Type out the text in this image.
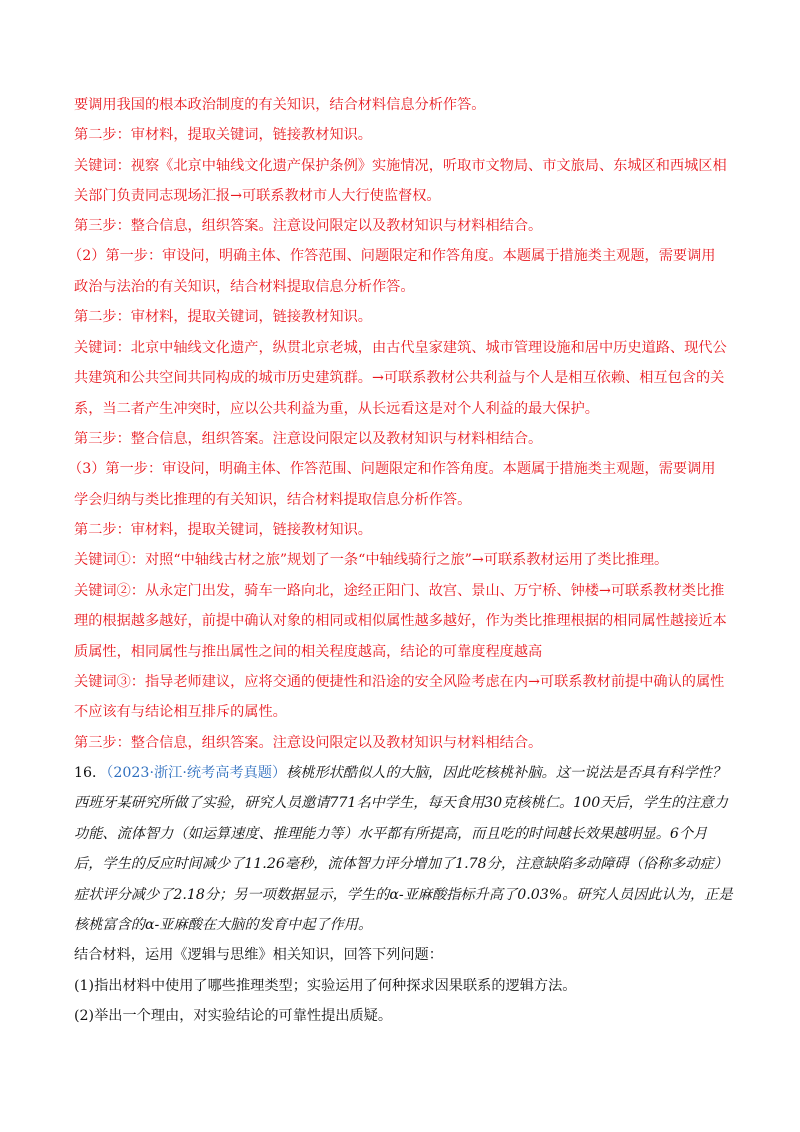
要调用我国的根本政治制度的有关知识，结合材料信息分析作答。
第二步：审材料，提取关键词，链接教材知识。
关键词：视察《北京中轴线文化遗产保护条例》实施情况，听取市文物局、市文旅局、东城区和西城区相
关部门负责同志现场汇报→可联系教材市人大行使监督权。
第三步：整合信息，组织答案。注意设问限定以及教材知识与材料相结合。
（2）第一步：审设问，明确主体、作答范围、问题限定和作答角度。本题属于措施类主观题，需要调用
政治与法治的有关知识，结合材料提取信息分析作答。
第二步：审材料，提取关键词，链接教材知识。
关键词：北京中轴线文化遗产，纵贯北京老城，由古代皇家建筑、城市管理设施和居中历史道路、现代公
共建筑和公共空间共同构成的城市历史建筑群。→可联系教材公共利益与个人是相互依赖、相互包含的关
系，当二者产生冲突时，应以公共利益为重，从长远看这是对个人利益的最大保护。
第三步：整合信息，组织答案。注意设问限定以及教材知识与材料相结合。
（3）第一步：审设问，明确主体、作答范围、问题限定和作答角度。本题属于措施类主观题，需要调用
学会归纳与类比推理的有关知识，结合材料提取信息分析作答。
第二步：审材料，提取关键词，链接教材知识。
关键词①：对照“中轴线古材之旅”规划了一条“中轴线骑行之旅”→可联系教材运用了类比推理。
关键词②：从永定门出发，骑车一路向北，途经正阳门、故宫、景山、万宁桥、钟楼→可联系教材类比推
理的根据越多越好，前提中确认对象的相同或相似属性越多越好，作为类比推理根据的相同属性越接近本
质属性，相同属性与推出属性之间的相关程度越高，结论的可靠度程度越高
关键词③：指导老师建议，应将交通的便捷性和沿途的安全风险考虑在内→可联系教材前提中确认的属性
不应该有与结论相互排斥的属性。
第三步：整合信息，组织答案。注意设问限定以及教材知识与材料相结合。
16．（2023·浙江·统考高考真题）核桃形状酷似人的大脑，因此吃核桃补脑。这一说法是否具有科学性？
西班牙某研究所做了实验，研究人员邀请771名中学生，每天食用30克核桃仁。100天后，学生的注意力
功能、流体智力（如运算速度、推理能力等）水平都有所提高，而且吃的时间越长效果越明显。6个月
后，学生的反应时间减少了11.26毫秒，流体智力评分增加了1.78分，注意缺陷多动障碍（俗称多动症）
症状评分减少了2.18分；另一项数据显示，学生的α-亚麻酸指标升高了0.03%。研究人员因此认为，正是
核桃富含的α-亚麻酸在大脑的发育中起了作用。
结合材料，运用《逻辑与思维》相关知识，回答下列问题：
(1)指出材料中使用了哪些推理类型；实验运用了何种探求因果联系的逻辑方法。
(2)举出一个理由，对实验结论的可靠性提出质疑。
